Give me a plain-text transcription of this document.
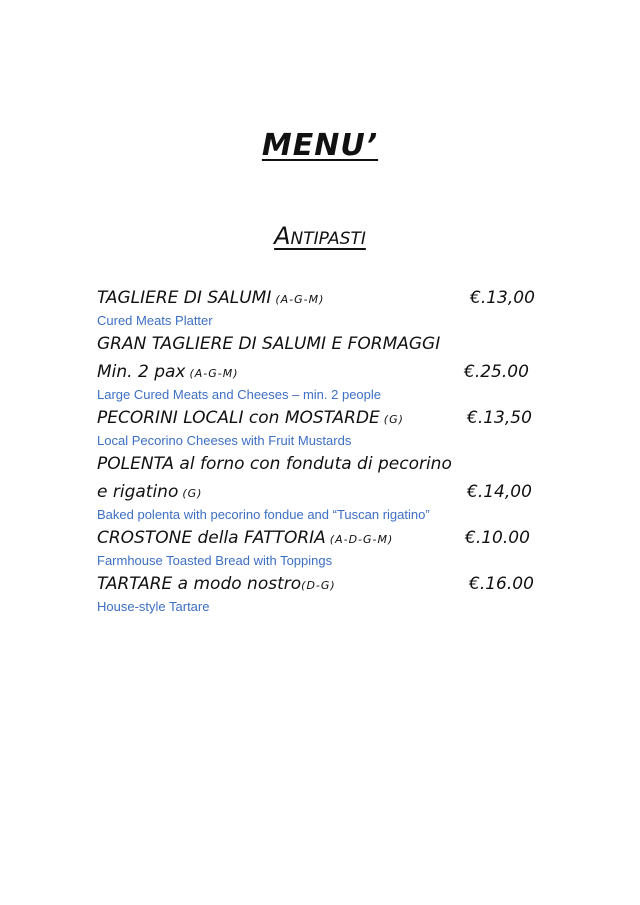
MENU’
Antipasti
TAGLIERE DI SALUMI (A-G-M)	€.13,00
Cured Meats Platter
GRAN TAGLIERE DI SALUMI E FORMAGGI
Min. 2 pax (A-G-M)	€.25.00
Large Cured Meats and Cheeses – min. 2 people
PECORINI LOCALI con MOSTARDE (G)	€.13,50
Local Pecorino Cheeses with Fruit Mustards
POLENTA al forno con fonduta di pecorino
e rigatino (G)	€.14,00
Baked polenta with pecorino fondue and “Tuscan rigatino”
CROSTONE della FATTORIA (A-D-G-M)	€.10.00
Farmhouse Toasted Bread with Toppings
TARTARE a modo nostro(D-G)	€.16.00
House-style Tartare
